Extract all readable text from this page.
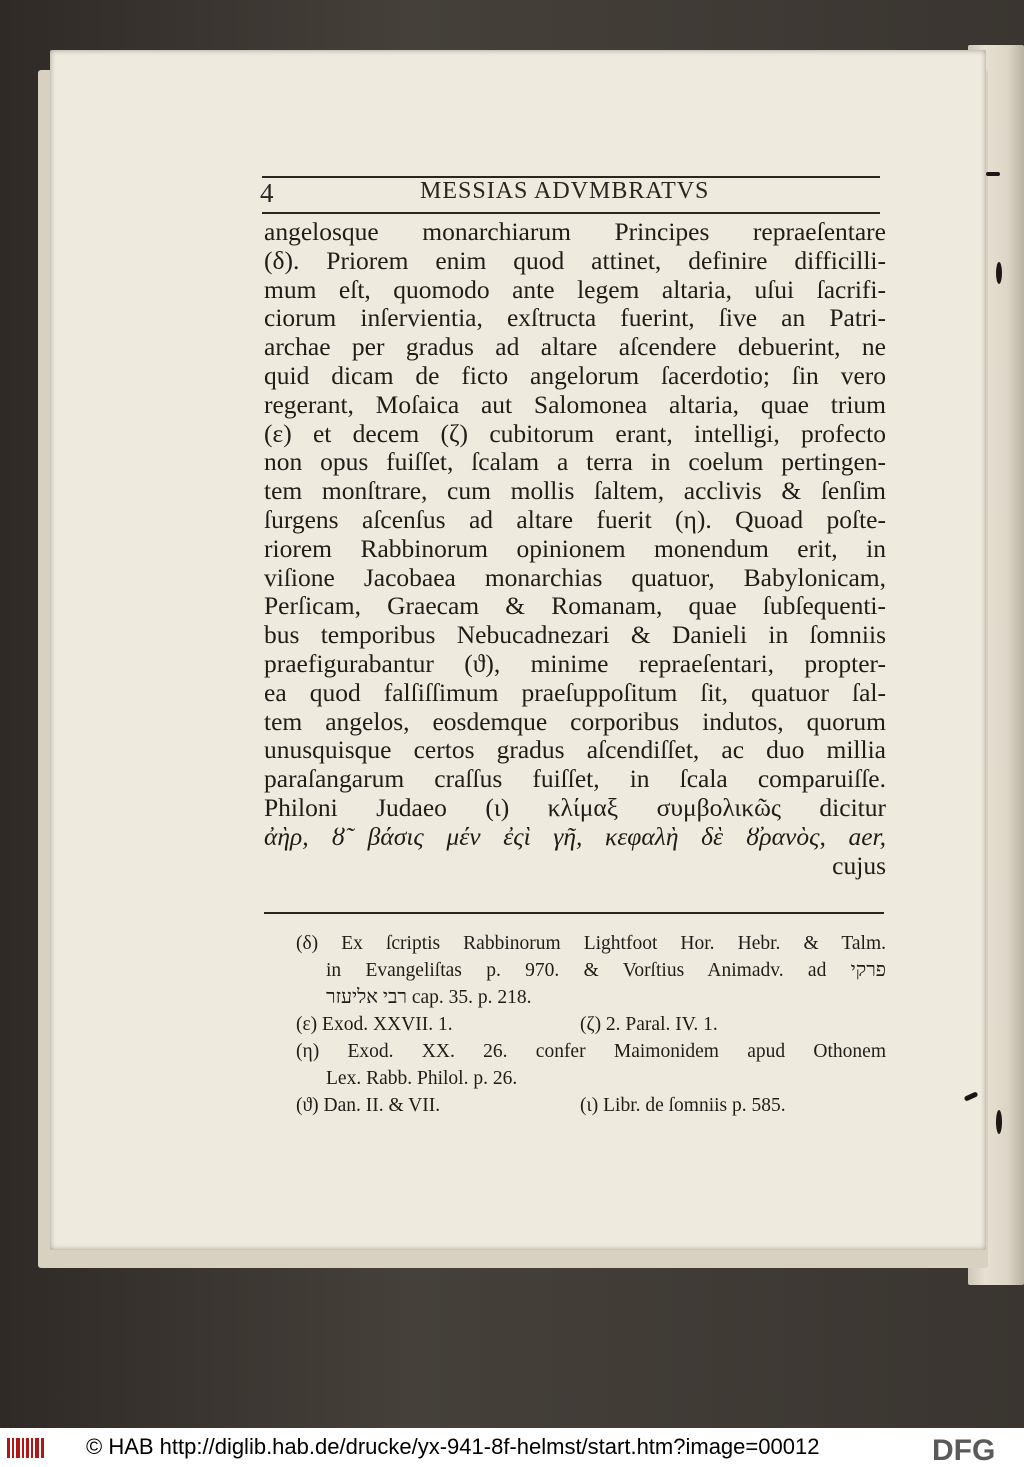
4	MESSIAS ADVMBRATVS
angelosque monarchiarum Principes repraeſentare
(δ). Priorem enim quod attinet, definire difficilli-
mum eſt, quomodo ante legem altaria, uſui ſacrifi-
ciorum inſervientia, exſtructa fuerint, ſive an Patri-
archae per gradus ad altare aſcendere debuerint, ne
quid dicam de ficto angelorum ſacerdotio; ſin vero
regerant, Moſaica aut Salomonea altaria, quae trium
(ε) et decem (ζ) cubitorum erant, intelligi, profecto
non opus fuiſſet, ſcalam a terra in coelum pertingen-
tem monſtrare, cum mollis ſaltem, acclivis & ſenſim
ſurgens aſcenſus ad altare fuerit (η). Quoad poſte-
riorem Rabbinorum opinionem monendum erit, in
viſione Jacobaea monarchias quatuor, Babylonicam,
Perſicam, Graecam & Romanam, quae ſubſequenti-
bus temporibus Nebucadnezari & Danieli in ſomniis
praefigurabantur (ϑ), minime repraeſentari, propter-
ea quod falſiſſimum praeſuppoſitum ſit, quatuor ſal-
tem angelos, eosdemque corporibus indutos, quorum
unusquisque certos gradus aſcendiſſet, ac duo millia
paraſangarum craſſus fuiſſet, in ſcala comparuiſſe.
Philoni Judaeo (ι) κλίμαξ συμβολικῶς dicitur
ἀὴρ, ȣ̃ βάσις μέν ἐςὶ γῆ, κεφαλὴ δὲ ȣ̓ρανὸς, aer,
cujus
(δ) Ex ſcriptis Rabbinorum Lightfoot Hor. Hebr. & Talm.
in Evangeliſtas p. 970. & Vorſtius Animadv. ad פרקי
רבי אליעזר cap. 35. p. 218.
(ε) Exod. XXVII. 1.	(ζ) 2. Paral. IV. 1.
(η) Exod. XX. 26. confer Maimonidem apud Othonem
Lex. Rabb. Philol. p. 26.
(ϑ) Dan. II. & VII.	(ι) Libr. de ſomniis p. 585.
© HAB http://diglib.hab.de/drucke/yx-941-8f-helmst/start.htm?image=00012	DFG
